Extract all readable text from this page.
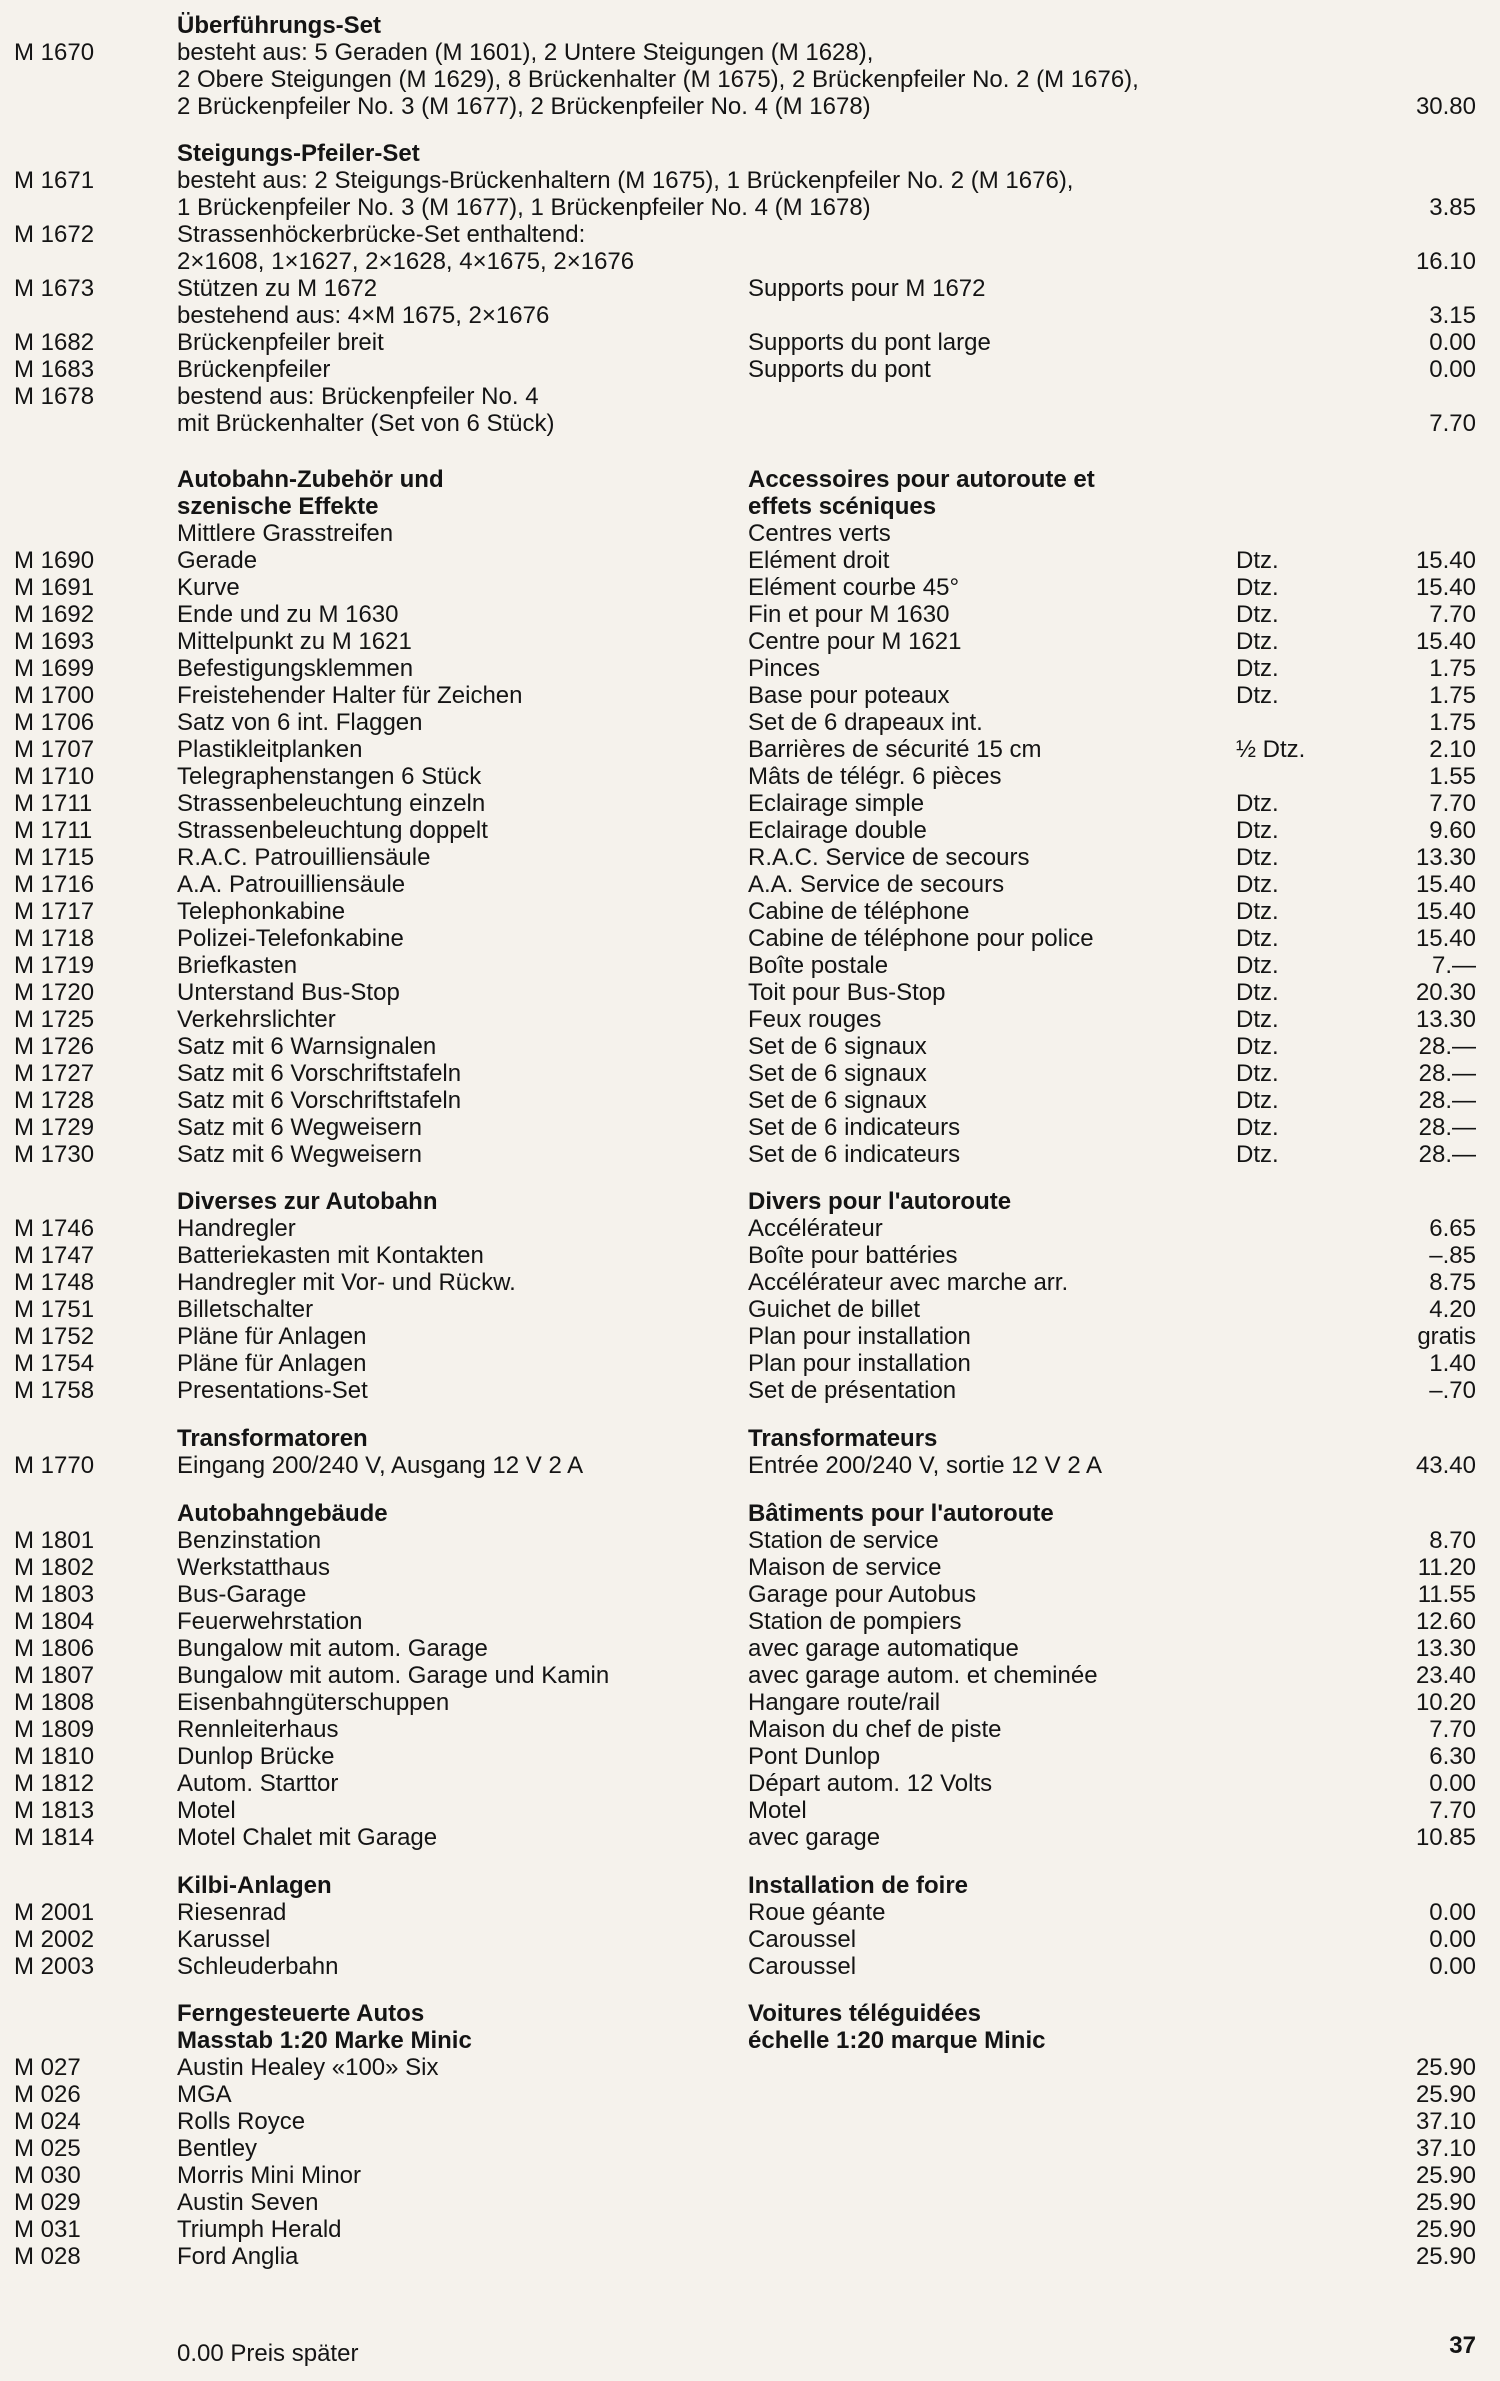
Überführungs-Set
M 1670	besteht aus: 5 Geraden (M 1601), 2 Untere Steigungen (M 1628),
2 Obere Steigungen (M 1629), 8 Brückenhalter (M 1675), 2 Brückenpfeiler No. 2 (M 1676),
2 Brückenpfeiler No. 3 (M 1677), 2 Brückenpfeiler No. 4 (M 1678)	30.80
Steigungs-Pfeiler-Set
M 1671	besteht aus: 2 Steigungs-Brückenhaltern (M 1675), 1 Brückenpfeiler No. 2 (M 1676),
1 Brückenpfeiler No. 3 (M 1677), 1 Brückenpfeiler No. 4 (M 1678)	3.85
M 1672	Strassenhöckerbrücke-Set enthaltend:
2×1608, 1×1627, 2×1628, 4×1675, 2×1676	16.10
M 1673	Stützen zu M 1672	Supports pour M 1672
bestehend aus: 4×M 1675, 2×1676	3.15
M 1682	Brückenpfeiler breit	Supports du pont large	0.00
M 1683	Brückenpfeiler	Supports du pont	0.00
M 1678	bestend aus: Brückenpfeiler No. 4
mit Brückenhalter (Set von 6 Stück)	7.70
Autobahn-Zubehör und	Accessoires pour autoroute et
szenische Effekte	effets scéniques
Mittlere Grasstreifen	Centres verts
M 1690	Gerade	Elément droit	Dtz.	15.40
M 1691	Kurve	Elément courbe 45°	Dtz.	15.40
M 1692	Ende und zu M 1630	Fin et pour M 1630	Dtz.	7.70
M 1693	Mittelpunkt zu M 1621	Centre pour M 1621	Dtz.	15.40
M 1699	Befestigungsklemmen	Pinces	Dtz.	1.75
M 1700	Freistehender Halter für Zeichen	Base pour poteaux	Dtz.	1.75
M 1706	Satz von 6 int. Flaggen	Set de 6 drapeaux int.	1.75
M 1707	Plastikleitplanken	Barrières de sécurité 15 cm	½ Dtz.	2.10
M 1710	Telegraphenstangen 6 Stück	Mâts de télégr. 6 pièces	1.55
M 1711	Strassenbeleuchtung einzeln	Eclairage simple	Dtz.	7.70
M 1711	Strassenbeleuchtung doppelt	Eclairage double	Dtz.	9.60
M 1715	R.A.C. Patrouilliensäule	R.A.C. Service de secours	Dtz.	13.30
M 1716	A.A. Patrouilliensäule	A.A. Service de secours	Dtz.	15.40
M 1717	Telephonkabine	Cabine de téléphone	Dtz.	15.40
M 1718	Polizei-Telefonkabine	Cabine de téléphone pour police	Dtz.	15.40
M 1719	Briefkasten	Boîte postale	Dtz.	7.—
M 1720	Unterstand Bus-Stop	Toit pour Bus-Stop	Dtz.	20.30
M 1725	Verkehrslichter	Feux rouges	Dtz.	13.30
M 1726	Satz mit 6 Warnsignalen	Set de 6 signaux	Dtz.	28.—
M 1727	Satz mit 6 Vorschriftstafeln	Set de 6 signaux	Dtz.	28.—
M 1728	Satz mit 6 Vorschriftstafeln	Set de 6 signaux	Dtz.	28.—
M 1729	Satz mit 6 Wegweisern	Set de 6 indicateurs	Dtz.	28.—
M 1730	Satz mit 6 Wegweisern	Set de 6 indicateurs	Dtz.	28.—
Diverses zur Autobahn	Divers pour l'autoroute
M 1746	Handregler	Accélérateur	6.65
M 1747	Batteriekasten mit Kontakten	Boîte pour battéries	–.85
M 1748	Handregler mit Vor- und Rückw.	Accélérateur avec marche arr.	8.75
M 1751	Billetschalter	Guichet de billet	4.20
M 1752	Pläne für Anlagen	Plan pour installation	gratis
M 1754	Pläne für Anlagen	Plan pour installation	1.40
M 1758	Presentations-Set	Set de présentation	–.70
Transformatoren	Transformateurs
M 1770	Eingang 200/240 V, Ausgang 12 V 2 A	Entrée 200/240 V, sortie 12 V 2 A	43.40
Autobahngebäude	Bâtiments pour l'autoroute
M 1801	Benzinstation	Station de service	8.70
M 1802	Werkstatthaus	Maison de service	11.20
M 1803	Bus-Garage	Garage pour Autobus	11.55
M 1804	Feuerwehrstation	Station de pompiers	12.60
M 1806	Bungalow mit autom. Garage	avec garage automatique	13.30
M 1807	Bungalow mit autom. Garage und Kamin	avec garage autom. et cheminée	23.40
M 1808	Eisenbahngüterschuppen	Hangare route/rail	10.20
M 1809	Rennleiterhaus	Maison du chef de piste	7.70
M 1810	Dunlop Brücke	Pont Dunlop	6.30
M 1812	Autom. Starttor	Départ autom. 12 Volts	0.00
M 1813	Motel	Motel	7.70
M 1814	Motel Chalet mit Garage	avec garage	10.85
Kilbi-Anlagen	Installation de foire
M 2001	Riesenrad	Roue géante	0.00
M 2002	Karussel	Caroussel	0.00
M 2003	Schleuderbahn	Caroussel	0.00
Ferngesteuerte Autos	Voitures téléguidées
Masstab 1:20 Marke Minic	échelle 1:20 marque Minic
M 027	Austin Healey «100» Six	25.90
M 026	MGA	25.90
M 024	Rolls Royce	37.10
M 025	Bentley	37.10
M 030	Morris Mini Minor	25.90
M 029	Austin Seven	25.90
M 031	Triumph Herald	25.90
M 028	Ford Anglia	25.90
0.00 Preis später	37
